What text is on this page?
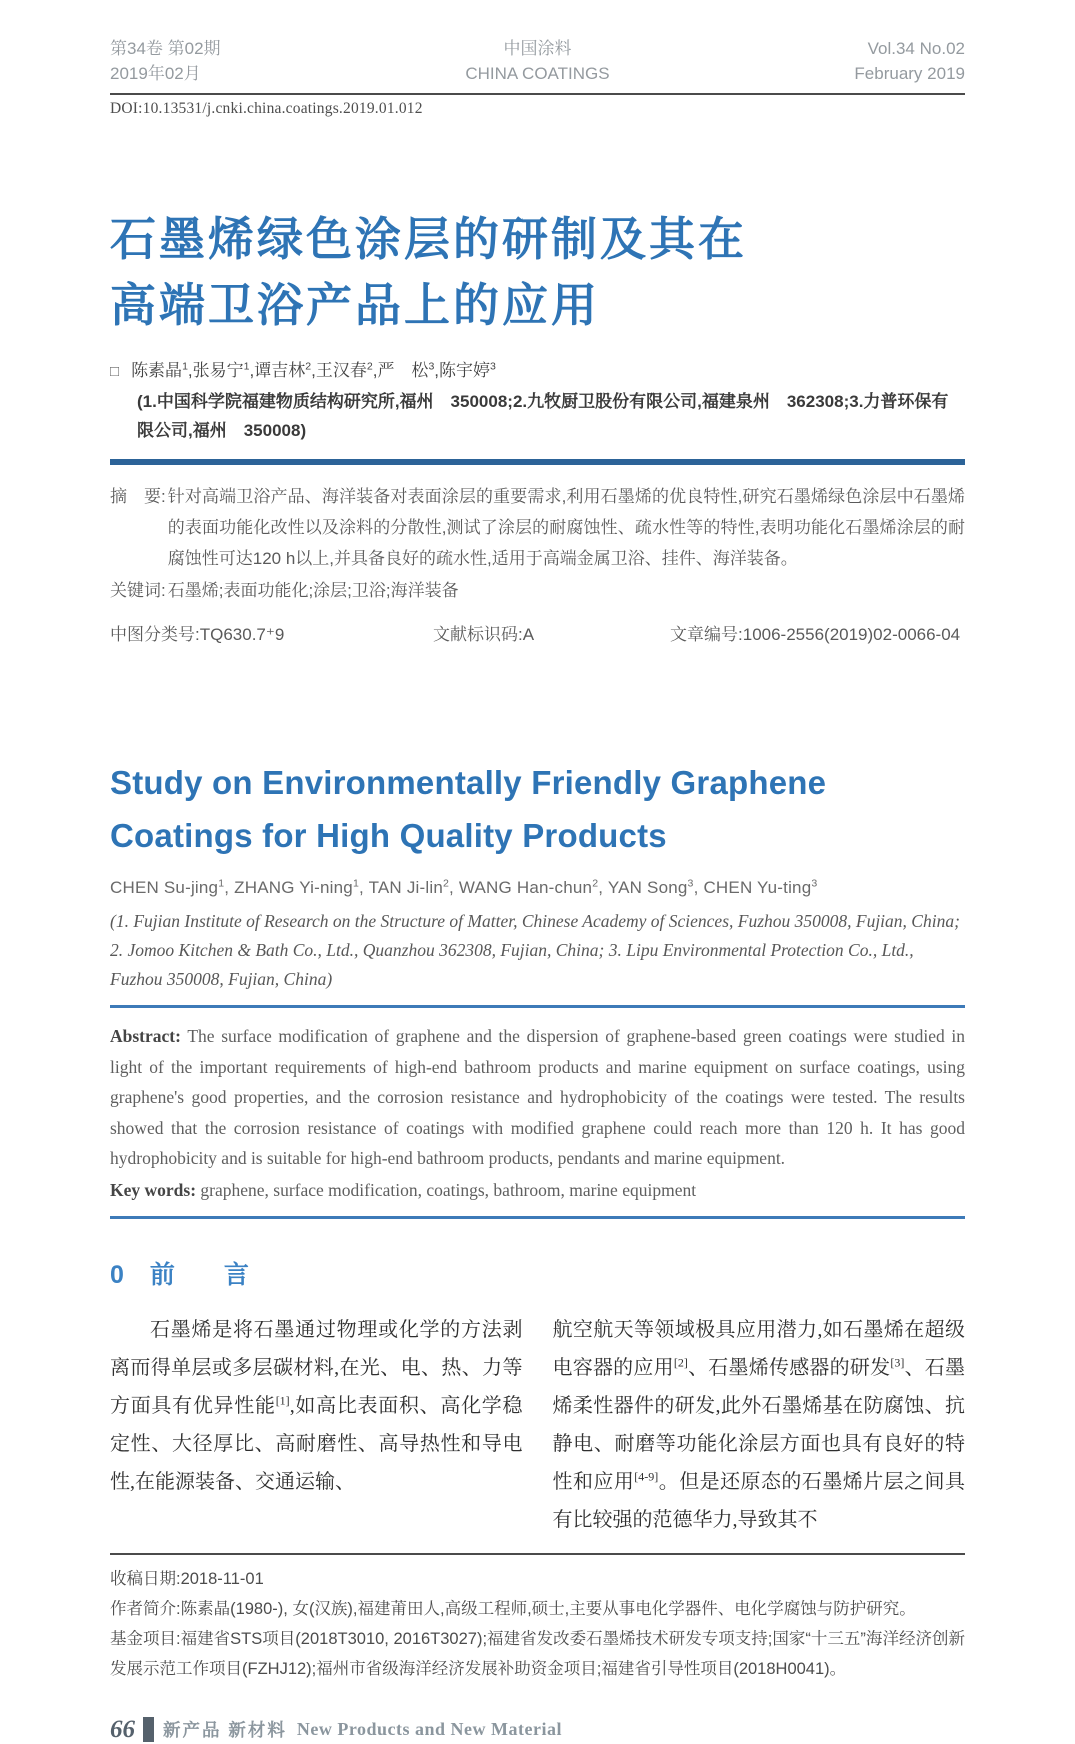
第34卷 第02期
2019年02月
中国涂料
CHINA COATINGS
Vol.34 No.02
February 2019
DOI:10.13531/j.cnki.china.coatings.2019.01.012
石墨烯绿色涂层的研制及其在
高端卫浴产品上的应用
□ 陈素晶$^1$,张易宁$^1$,谭吉林$^2$,王汉春$^2$,严　松$^3$,陈宇婷$^3$
(1.中国科学院福建物质结构研究所,福州　350008;2.九牧厨卫股份有限公司,福建泉州　362308;3.力普环保有限公司,福州　350008)
摘　要: 针对高端卫浴产品、海洋装备对表面涂层的重要需求,利用石墨烯的优良特性,研究石墨烯绿色涂层中石墨烯的表面功能化改性以及涂料的分散性,测试了涂层的耐腐蚀性、疏水性等的特性,表明功能化石墨烯涂层的耐腐蚀性可达120 h以上,并具备良好的疏水性,适用于高端金属卫浴、挂件、海洋装备。
关键词: 石墨烯;表面功能化;涂层;卫浴;海洋装备
中图分类号:TQ630.7⁺9	文献标识码:A	文章编号:1006-2556(2019)02-0066-04
Study on Environmentally Friendly Graphene Coatings for High Quality Products
CHEN Su-jing$^1$, ZHANG Yi-ning$^1$, TAN Ji-lin$^2$, WANG Han-chun$^2$, YAN Song$^3$, CHEN Yu-ting$^3$
(1. Fujian Institute of Research on the Structure of Matter, Chinese Academy of Sciences, Fuzhou 350008, Fujian, China; 2. Jomoo Kitchen & Bath Co., Ltd., Quanzhou 362308, Fujian, China; 3. Lipu Environmental Protection Co., Ltd., Fuzhou 350008, Fujian, China)

Abstract: The surface modification of graphene and the dispersion of graphene-based green coatings were studied in light of the important requirements of high-end bathroom products and marine equipment on surface coatings, using graphene's good properties, and the corrosion resistance and hydrophobicity of the coatings were tested. The results showed that the corrosion resistance of coatings with modified graphene could reach more than 120 h. It has good hydrophobicity and is suitable for high-end bathroom products, pendants and marine equipment.

Key words: graphene, surface modification, coatings, bathroom, marine equipment

0 前　言

石墨烯是将石墨通过物理或化学的方法剥离而得单层或多层碳材料,在光、电、热、力等方面具有优异性能[1],如高比表面积、高化学稳定性、大径厚比、高耐磨性、高导热性和导电性,在能源装备、交通运输、

航空航天等领域极具应用潜力,如石墨烯在超级电容器的应用[2]、石墨烯传感器的研发[3]、石墨烯柔性器件的研发,此外石墨烯基在防腐蚀、抗静电、耐磨等功能化涂层方面也具有良好的特性和应用[4-9]。但是还原态的石墨烯片层之间具有比较强的范德华力,导致其不

收稿日期:2018-11-01

作者简介:陈素晶(1980-), 女(汉族),福建莆田人,高级工程师,硕士,主要从事电化学器件、电化学腐蚀与防护研究。

基金项目:福建省STS项目(2018T3010, 2016T3027);福建省发改委石墨烯技术研发专项支持;国家“十三五”海洋经济创新发展示范工作项目(FZHJ12);福州市省级海洋经济发展补助资金项目;福建省引导性项目(2018H0041)。

66 新产品 新材料 New Products and New Material
